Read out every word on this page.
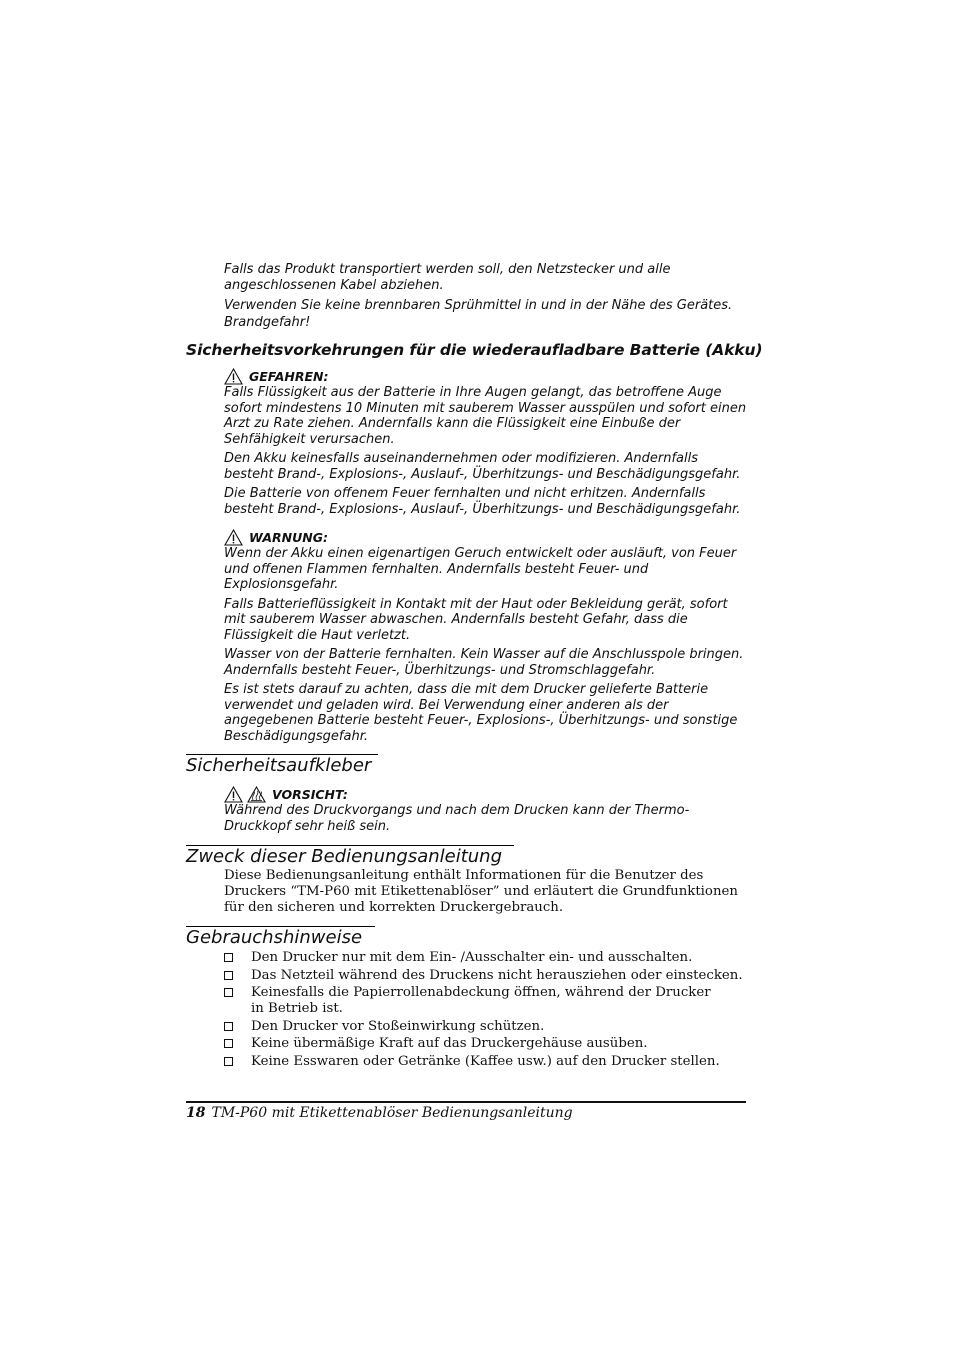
Falls das Produkt transportiert werden soll, den Netzstecker und alle angeschlossenen Kabel abziehen.

Verwenden Sie keine brennbaren Sprühmittel in und in der Nähe des Gerätes. Brandgefahr!

Sicherheitsvorkehrungen für die wiederaufladbare Batterie (Akku)
GEFAHREN:

Falls Flüssigkeit aus der Batterie in Ihre Augen gelangt, das betroffene Auge sofort mindestens 10 Minuten mit sauberem Wasser ausspülen und sofort einen Arzt zu Rate ziehen. Andernfalls kann die Flüssigkeit eine Einbuße der Sehfähigkeit verursachen.

Den Akku keinesfalls auseinandernehmen oder modifizieren. Andernfalls besteht Brand-, Explosions-, Auslauf-, Überhitzungs- und Beschädigungsgefahr.

Die Batterie von offenem Feuer fernhalten und nicht erhitzen. Andernfalls besteht Brand-, Explosions-, Auslauf-, Überhitzungs- und Beschädigungsgefahr.

WARNUNG:

Wenn der Akku einen eigenartigen Geruch entwickelt oder ausläuft, von Feuer und offenen Flammen fernhalten. Andernfalls besteht Feuer- und Explosionsgefahr.

Falls Batterieflüssigkeit in Kontakt mit der Haut oder Bekleidung gerät, sofort mit sauberem Wasser abwaschen. Andernfalls besteht Gefahr, dass die Flüssigkeit die Haut verletzt.

Wasser von der Batterie fernhalten. Kein Wasser auf die Anschlusspole bringen. Andernfalls besteht Feuer-, Überhitzungs- und Stromschlaggefahr.

Es ist stets darauf zu achten, dass die mit dem Drucker gelieferte Batterie verwendet und geladen wird. Bei Verwendung einer anderen als der angegebenen Batterie besteht Feuer-, Explosions-, Überhitzungs- und sonstige Beschädigungsgefahr.

Sicherheitsaufkleber
VORSICHT:

Während des Druckvorgangs und nach dem Drucken kann der Thermo-Druckkopf sehr heiß sein.

Zweck dieser Bedienungsanleitung

Diese Bedienungsanleitung enthält Informationen für die Benutzer des Druckers “TM-P60 mit Etikettenablöser” und erläutert die Grundfunktionen für den sicheren und korrekten Druckergebrauch.

Gebrauchshinweise
Den Drucker nur mit dem Ein- /Ausschalter ein- und ausschalten.
Das Netzteil während des Druckens nicht herausziehen oder einstecken.
Keinesfalls die Papierrollenabdeckung öffnen, während der Drucker in Betrieb ist.
Den Drucker vor Stoßeinwirkung schützen.
Keine übermäßige Kraft auf das Druckergehäuse ausüben.
Keine Esswaren oder Getränke (Kaffee usw.) auf den Drucker stellen.
18 TM-P60 mit Etikettenablöser Bedienungsanleitung
